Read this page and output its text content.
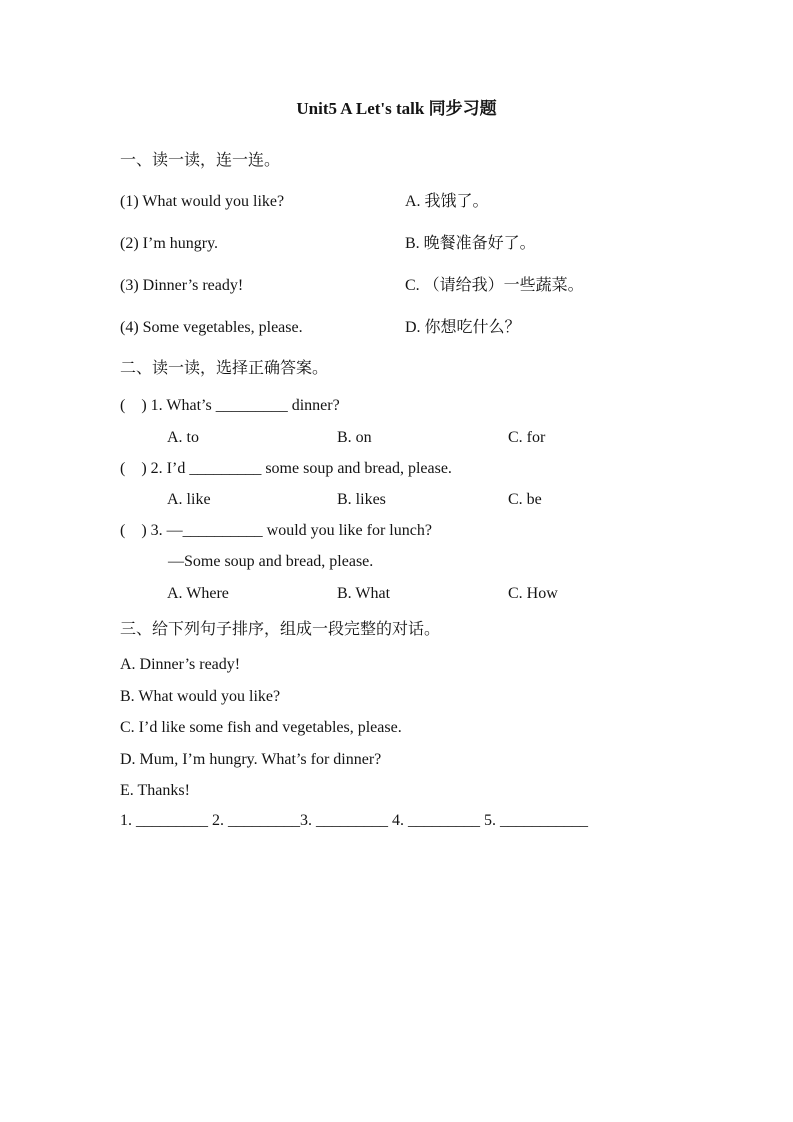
Unit5 A Let's talk 同步习题
一、读一读，连一连。
(1) What would you like?	A. 我饿了。
(2) I’m hungry.	B. 晚餐准备好了。
(3) Dinner’s ready!	C. （请给我）一些蔬菜。
(4) Some vegetables, please.	D. 你想吃什么？
二、读一读，选择正确答案。
( ) 1. What’s _________ dinner?
A. to	B. on	C. for
( ) 2. I’d _________ some soup and bread, please.
A. like	B. likes	C. be
( ) 3. —__________ would you like for lunch?
—Some soup and bread, please.
A. Where	B. What	C. How
三、给下列句子排序，组成一段完整的对话。
A. Dinner’s ready!
B. What would you like?
C. I’d like some fish and vegetables, please.
D. Mum, I’m hungry. What’s for dinner?
E. Thanks!
1. _________ 2. _________3. _________ 4. _________ 5. ___________
